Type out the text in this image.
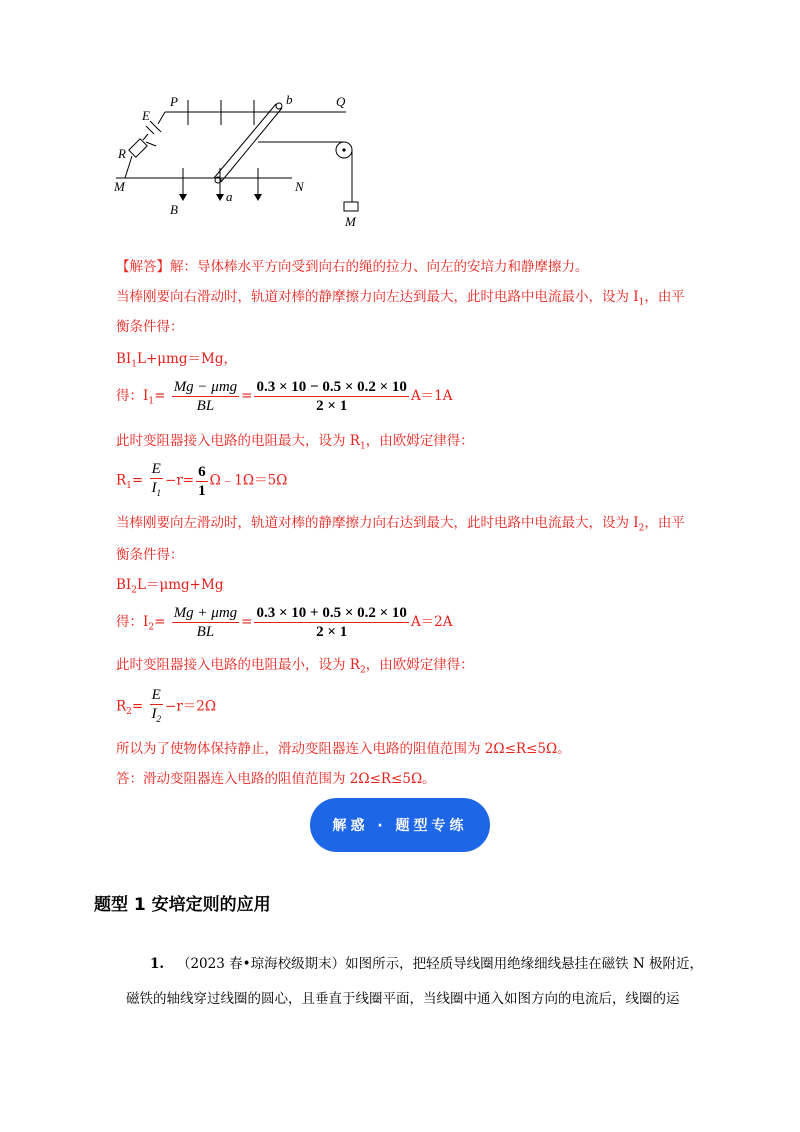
P	b	Q
E
R
M	N
B
a
M
【解答】解：导体棒水平方向受到向右的绳的拉力、向左的安培力和静摩擦力。
当棒刚要向右滑动时，轨道对棒的静摩擦力向左达到最大，此时电路中电流最小，设为 $I_1$，由平
衡条件得：
$BI_1L+\mu mg=Mg$，
得：$I_1= \frac{\text{Mg − μmg}}{BL} = \frac{0.3 \times 10 - 0.5 \times 0.2 \times 10}{2 \times 1} A=1A$
此时变阻器接入电路的电阻最大，设为 $R_1$，由欧姆定律得：
$R_1= \frac{E}{I_1} -r= \frac{6}{1}$ Ω﹣1Ω＝5Ω
当棒刚要向左滑动时，轨道对棒的静摩擦力向右达到最大，此时电路中电流最大，设为 $I_2$，由平
衡条件得：
$BI_2L=\mu mg+Mg$
得：$I_2= \frac{\text{Mg + μmg}}{BL} = \frac{0.3 \times 10 + 0.5 \times 0.2 \times 10}{2 \times 1} A=2A$
此时变阻器接入电路的电阻最小，设为 $R_2$，由欧姆定律得：
$R_2= \frac{E}{I_2} -r=2\Omega$
所以为了使物体保持静止，滑动变阻器连入电路的阻值范围为 2Ω≤R≤5Ω。
答：滑动变阻器连入电路的阻值范围为 2Ω≤R≤5Ω。
解惑 · 题型专练
题型 1 安培定则的应用
1. （2023 春•琼海校级期末）如图所示，把轻质导线圈用绝缘细线悬挂在磁铁 N 极附近，
磁铁的轴线穿过线圈的圆心，且垂直于线圈平面，当线圈中通入如图方向的电流后，线圈的运
